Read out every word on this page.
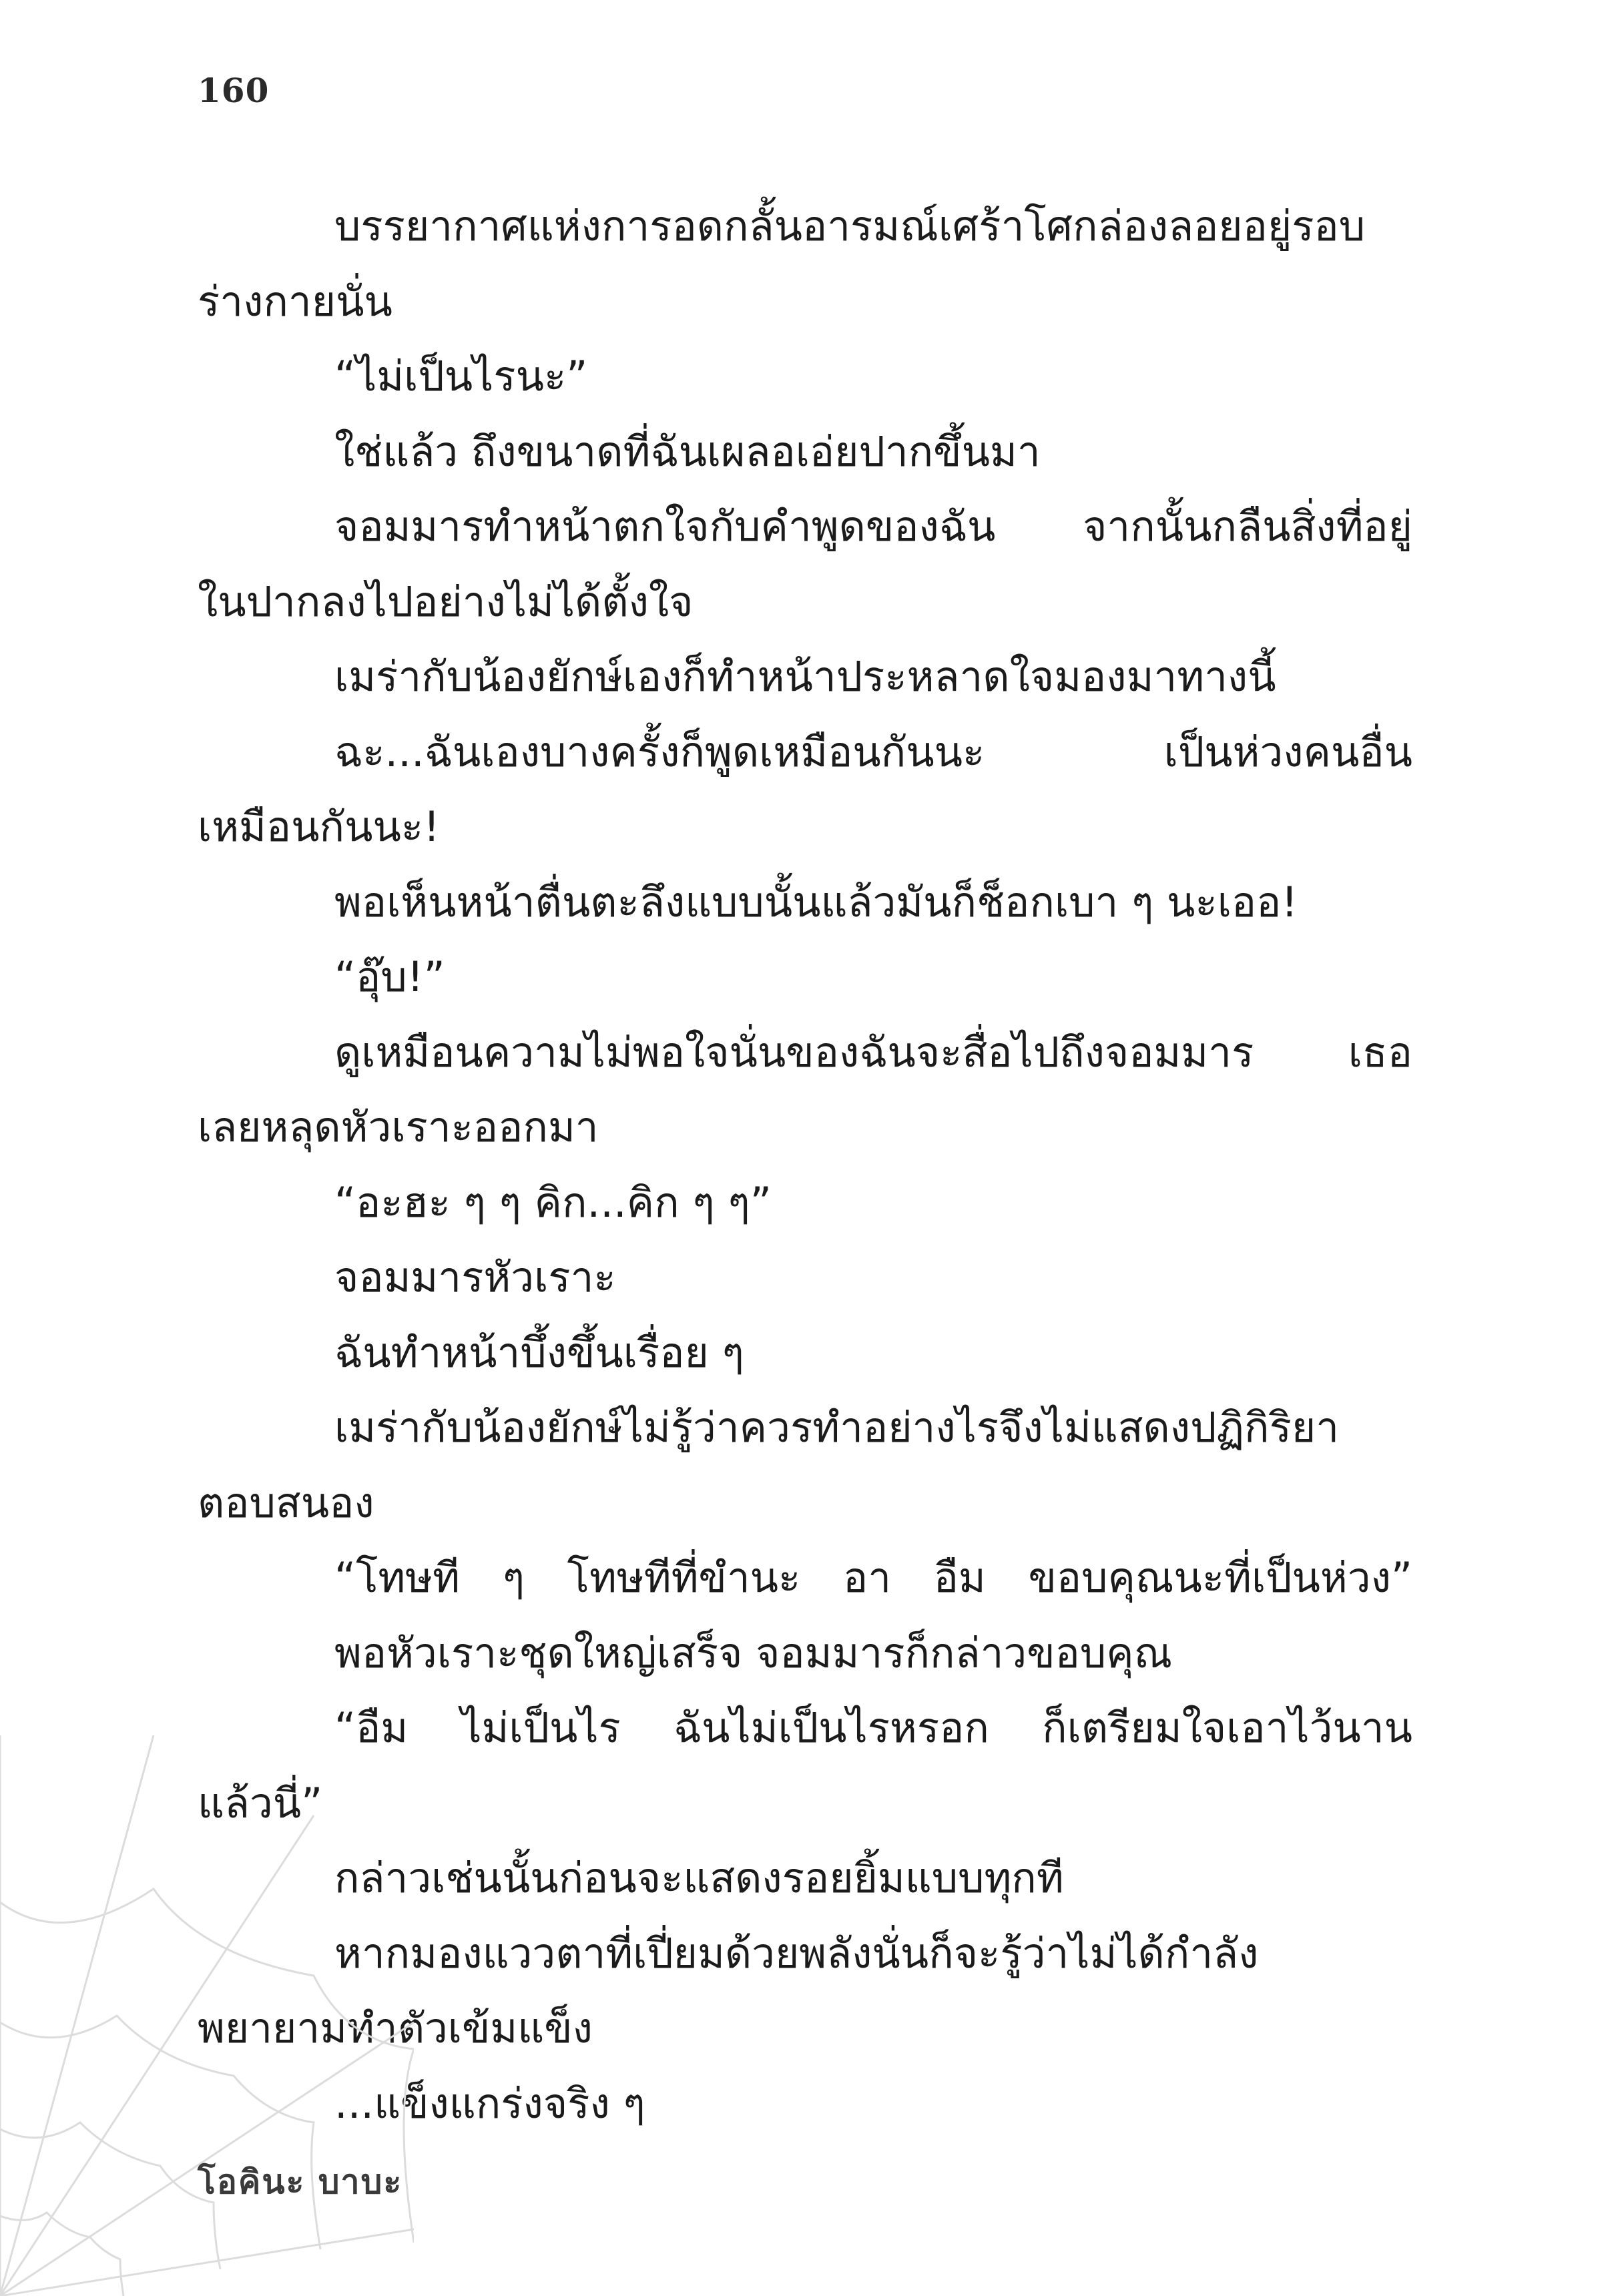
160
บรรยากาศแห่งการอดกลั้นอารมณ์เศร้าโศกล่องลอยอยู่รอบ
ร่างกายนั่น
“ไม่เป็นไรนะ”
ใช่แล้ว ถึงขนาดที่ฉันเผลอเอ่ยปากขึ้นมา
จอมมารทำหน้าตกใจกับคำพูดของฉัน จากนั้นกลืนสิ่งที่อยู่
ในปากลงไปอย่างไม่ได้ตั้งใจ
เมร่ากับน้องยักษ์เองก็ทำหน้าประหลาดใจมองมาทางนี้
ฉะ...ฉันเองบางครั้งก็พูดเหมือนกันนะ เป็นห่วงคนอื่น
เหมือนกันนะ!
พอเห็นหน้าตื่นตะลึงแบบนั้นแล้วมันก็ช็อกเบา ๆ นะเออ!
“อุ๊บ!”
ดูเหมือนความไม่พอใจนั่นของฉันจะสื่อไปถึงจอมมาร เธอ
เลยหลุดหัวเราะออกมา
“อะฮะ ๆ ๆ คิก...คิก ๆ ๆ”
จอมมารหัวเราะ
ฉันทำหน้าบึ้งขึ้นเรื่อย ๆ
เมร่ากับน้องยักษ์ไม่รู้ว่าควรทำอย่างไรจึงไม่แสดงปฏิกิริยา
ตอบสนอง
“โทษที ๆ โทษทีที่ขำนะ อา อืม ขอบคุณนะที่เป็นห่วง”
พอหัวเราะชุดใหญ่เสร็จ จอมมารก็กล่าวขอบคุณ
“อืม ไม่เป็นไร ฉันไม่เป็นไรหรอก ก็เตรียมใจเอาไว้นาน
แล้วนี่”
กล่าวเช่นนั้นก่อนจะแสดงรอยยิ้มแบบทุกที
หากมองแววตาที่เปี่ยมด้วยพลังนั่นก็จะรู้ว่าไม่ได้กำลัง
พยายามทำตัวเข้มแข็ง
...แข็งแกร่งจริง ๆ
โอคินะ บาบะ
